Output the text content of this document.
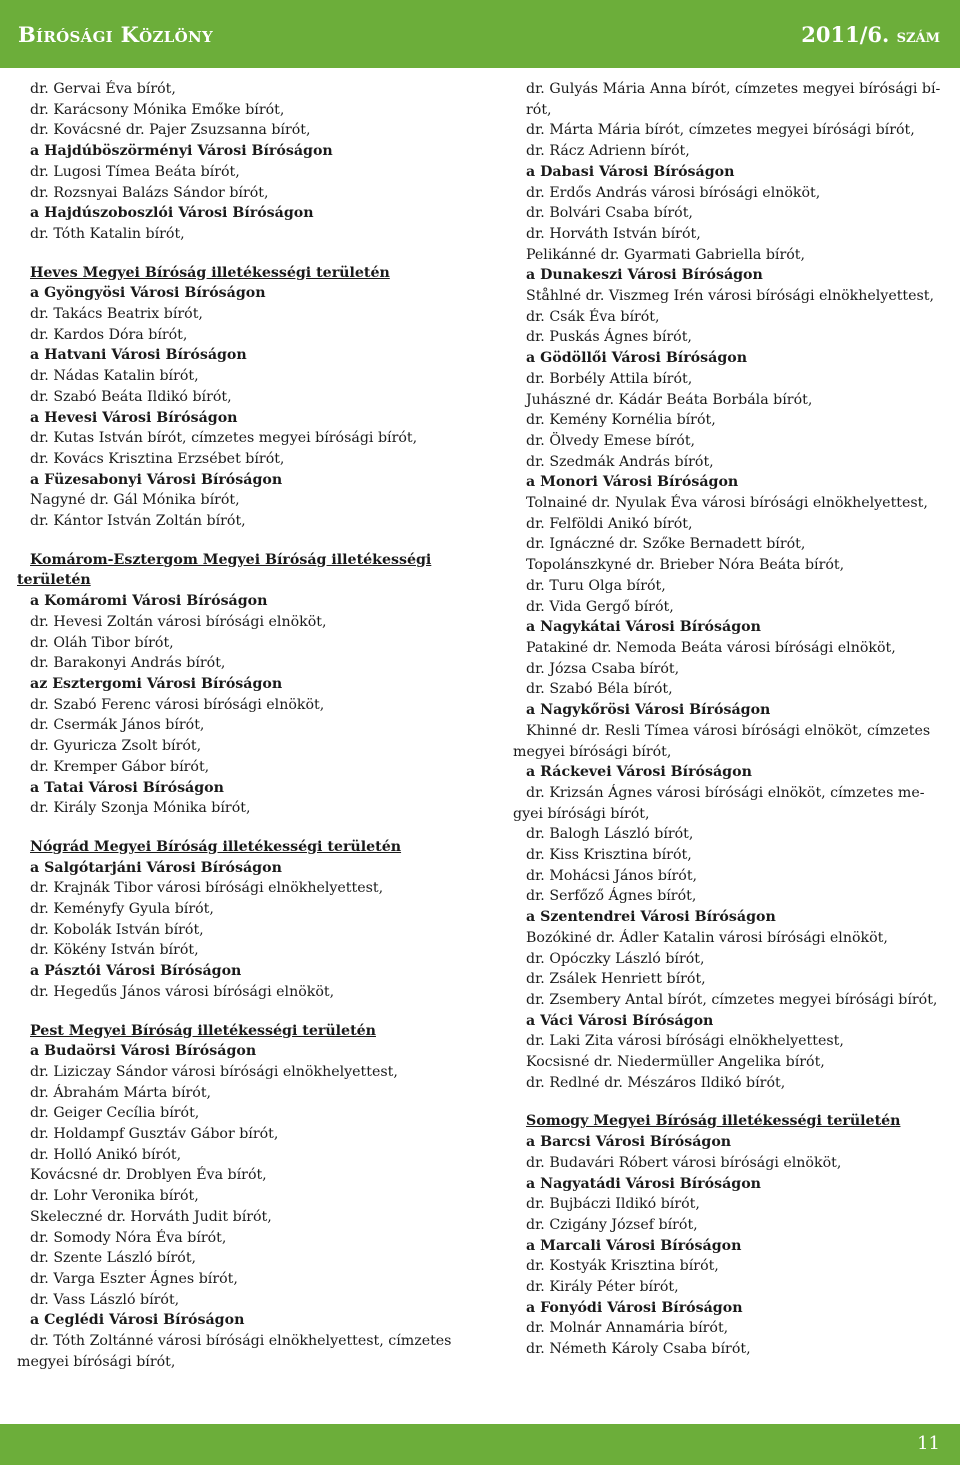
Bírósági Közlöny	2011/6. szám
dr. Gervai Éva bírót,
dr. Karácsony Mónika Emőke bírót,
dr. Kovácsné dr. Pajer Zsuzsanna bírót,
a Hajdúböszörményi Városi Bíróságon
dr. Lugosi Tímea Beáta bírót,
dr. Rozsnyai Balázs Sándor bírót,
a Hajdúszoboszlói Városi Bíróságon
dr. Tóth Katalin bírót,
Heves Megyei Bíróság illetékességi területén
a Gyöngyösi Városi Bíróságon
dr. Takács Beatrix bírót,
dr. Kardos Dóra bírót,
a Hatvani Városi Bíróságon
dr. Nádas Katalin bírót,
dr. Szabó Beáta Ildikó bírót,
a Hevesi Városi Bíróságon
dr. Kutas István bírót, címzetes megyei bírósági bírót,
dr. Kovács Krisztina Erzsébet bírót,
a Füzesabonyi Városi Bíróságon
Nagyné dr. Gál Mónika bírót,
dr. Kántor István Zoltán bírót,
Komárom-Esztergom Megyei Bíróság illetékességi
területén
a Komáromi Városi Bíróságon
dr. Hevesi Zoltán városi bírósági elnököt,
dr. Oláh Tibor bírót,
dr. Barakonyi András bírót,
az Esztergomi Városi Bíróságon
dr. Szabó Ferenc városi bírósági elnököt,
dr. Csermák János bírót,
dr. Gyuricza Zsolt bírót,
dr. Kremper Gábor bírót,
a Tatai Városi Bíróságon
dr. Király Szonja Mónika bírót,
Nógrád Megyei Bíróság illetékességi területén
a Salgótarjáni Városi Bíróságon
dr. Krajnák Tibor városi bírósági elnökhelyettest,
dr. Keményfy Gyula bírót,
dr. Kobolák István bírót,
dr. Kökény István bírót,
a Pásztói Városi Bíróságon
dr. Hegedűs János városi bírósági elnököt,
Pest Megyei Bíróság illetékességi területén
a Budaörsi Városi Bíróságon
dr. Liziczay Sándor városi bírósági elnökhelyettest,
dr. Ábrahám Márta bírót,
dr. Geiger Cecília bírót,
dr. Holdampf Gusztáv Gábor bírót,
dr. Holló Anikó bírót,
Kovácsné dr. Droblyen Éva bírót,
dr. Lohr Veronika bírót,
Skeleczné dr. Horváth Judit bírót,
dr. Somody Nóra Éva bírót,
dr. Szente László bírót,
dr. Varga Eszter Ágnes bírót,
dr. Vass László bírót,
a Ceglédi Városi Bíróságon
dr. Tóth Zoltánné városi bírósági elnökhelyettest, címzetes
megyei bírósági bírót,
dr. Gulyás Mária Anna bírót, címzetes megyei bírósági bí-
rót,
dr. Márta Mária bírót, címzetes megyei bírósági bírót,
dr. Rácz Adrienn bírót,
a Dabasi Városi Bíróságon
dr. Erdős András városi bírósági elnököt,
dr. Bolvári Csaba bírót,
dr. Horváth István bírót,
Pelikánné dr. Gyarmati Gabriella bírót,
a Dunakeszi Városi Bíróságon
Ståhlné dr. Viszmeg Irén városi bírósági elnökhelyettest,
dr. Csák Éva bírót,
dr. Puskás Ágnes bírót,
a Gödöllői Városi Bíróságon
dr. Borbély Attila bírót,
Juhászné dr. Kádár Beáta Borbála bírót,
dr. Kemény Kornélia bírót,
dr. Ölvedy Emese bírót,
dr. Szedmák András bírót,
a Monori Városi Bíróságon
Tolnainé dr. Nyulak Éva városi bírósági elnökhelyettest,
dr. Felföldi Anikó bírót,
dr. Ignáczné dr. Szőke Bernadett bírót,
Topolánszkyné dr. Brieber Nóra Beáta bírót,
dr. Turu Olga bírót,
dr. Vida Gergő bírót,
a Nagykátai Városi Bíróságon
Patakiné dr. Nemoda Beáta városi bírósági elnököt,
dr. Józsa Csaba bírót,
dr. Szabó Béla bírót,
a Nagykőrösi Városi Bíróságon
Khinné dr. Resli Tímea városi bírósági elnököt, címzetes
megyei bírósági bírót,
a Ráckevei Városi Bíróságon
dr. Krizsán Ágnes városi bírósági elnököt, címzetes me-
gyei bírósági bírót,
dr. Balogh László bírót,
dr. Kiss Krisztina bírót,
dr. Mohácsi János bírót,
dr. Serfőző Ágnes bírót,
a Szentendrei Városi Bíróságon
Bozókiné dr. Ádler Katalin városi bírósági elnököt,
dr. Opóczky László bírót,
dr. Zsálek Henriett bírót,
dr. Zsembery Antal bírót, címzetes megyei bírósági bírót,
a Váci Városi Bíróságon
dr. Laki Zita városi bírósági elnökhelyettest,
Kocsisné dr. Niedermüller Angelika bírót,
dr. Redlné dr. Mészáros Ildikó bírót,
Somogy Megyei Bíróság illetékességi területén
a Barcsi Városi Bíróságon
dr. Budavári Róbert városi bírósági elnököt,
a Nagyatádi Városi Bíróságon
dr. Bujbáczi Ildikó bírót,
dr. Czigány József bírót,
a Marcali Városi Bíróságon
dr. Kostyák Krisztina bírót,
dr. Király Péter bírót,
a Fonyódi Városi Bíróságon
dr. Molnár Annamária bírót,
dr. Németh Károly Csaba bírót,
11
